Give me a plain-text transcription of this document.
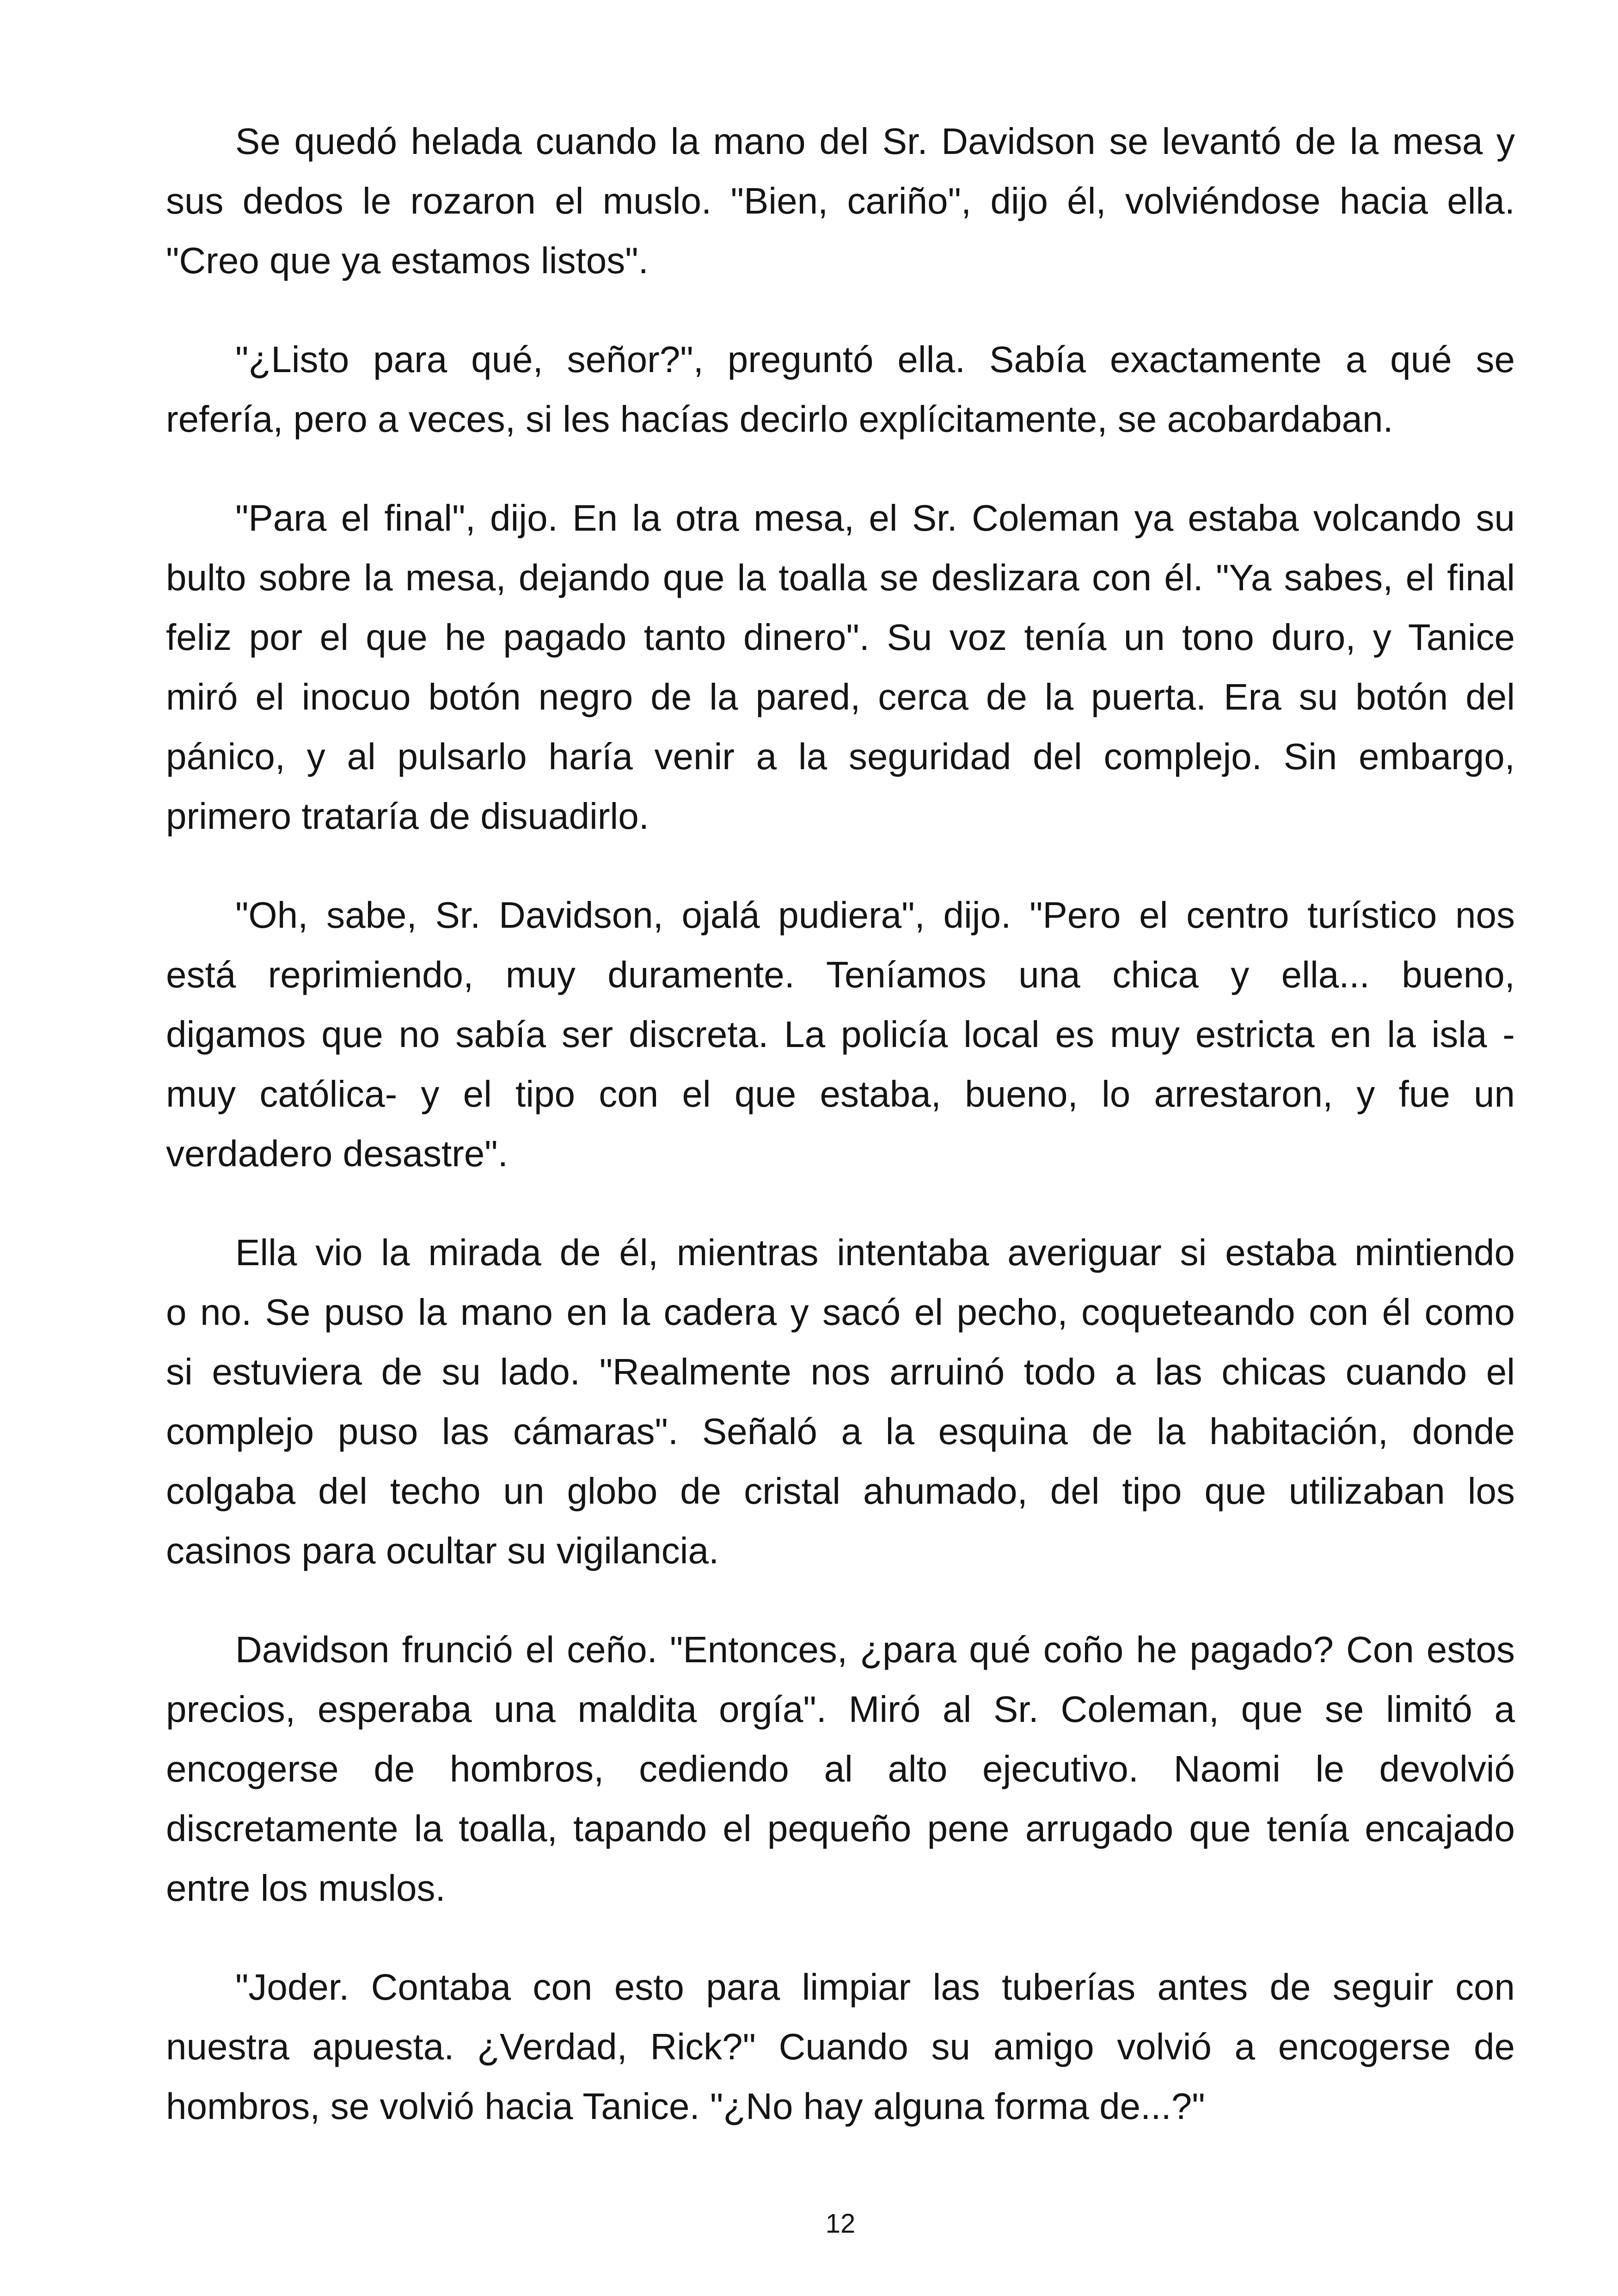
Se quedó helada cuando la mano del Sr. Davidson se levantó de la mesa y
sus dedos le rozaron el muslo. "Bien, cariño", dijo él, volviéndose hacia ella.
"Creo que ya estamos listos".
"¿Listo para qué, señor?", preguntó ella. Sabía exactamente a qué se
refería, pero a veces, si les hacías decirlo explícitamente, se acobardaban.
"Para el final", dijo. En la otra mesa, el Sr. Coleman ya estaba volcando su
bulto sobre la mesa, dejando que la toalla se deslizara con él. "Ya sabes, el final
feliz por el que he pagado tanto dinero". Su voz tenía un tono duro, y Tanice
miró el inocuo botón negro de la pared, cerca de la puerta. Era su botón del
pánico, y al pulsarlo haría venir a la seguridad del complejo. Sin embargo,
primero trataría de disuadirlo.
"Oh, sabe, Sr. Davidson, ojalá pudiera", dijo. "Pero el centro turístico nos
está reprimiendo, muy duramente. Teníamos una chica y ella... bueno,
digamos que no sabía ser discreta. La policía local es muy estricta en la isla -
muy católica- y el tipo con el que estaba, bueno, lo arrestaron, y fue un
verdadero desastre".
Ella vio la mirada de él, mientras intentaba averiguar si estaba mintiendo
o no. Se puso la mano en la cadera y sacó el pecho, coqueteando con él como
si estuviera de su lado. "Realmente nos arruinó todo a las chicas cuando el
complejo puso las cámaras". Señaló a la esquina de la habitación, donde
colgaba del techo un globo de cristal ahumado, del tipo que utilizaban los
casinos para ocultar su vigilancia.
Davidson frunció el ceño. "Entonces, ¿para qué coño he pagado? Con estos
precios, esperaba una maldita orgía". Miró al Sr. Coleman, que se limitó a
encogerse de hombros, cediendo al alto ejecutivo. Naomi le devolvió
discretamente la toalla, tapando el pequeño pene arrugado que tenía encajado
entre los muslos.
"Joder. Contaba con esto para limpiar las tuberías antes de seguir con
nuestra apuesta. ¿Verdad, Rick?" Cuando su amigo volvió a encogerse de
hombros, se volvió hacia Tanice. "¿No hay alguna forma de...?"
12
